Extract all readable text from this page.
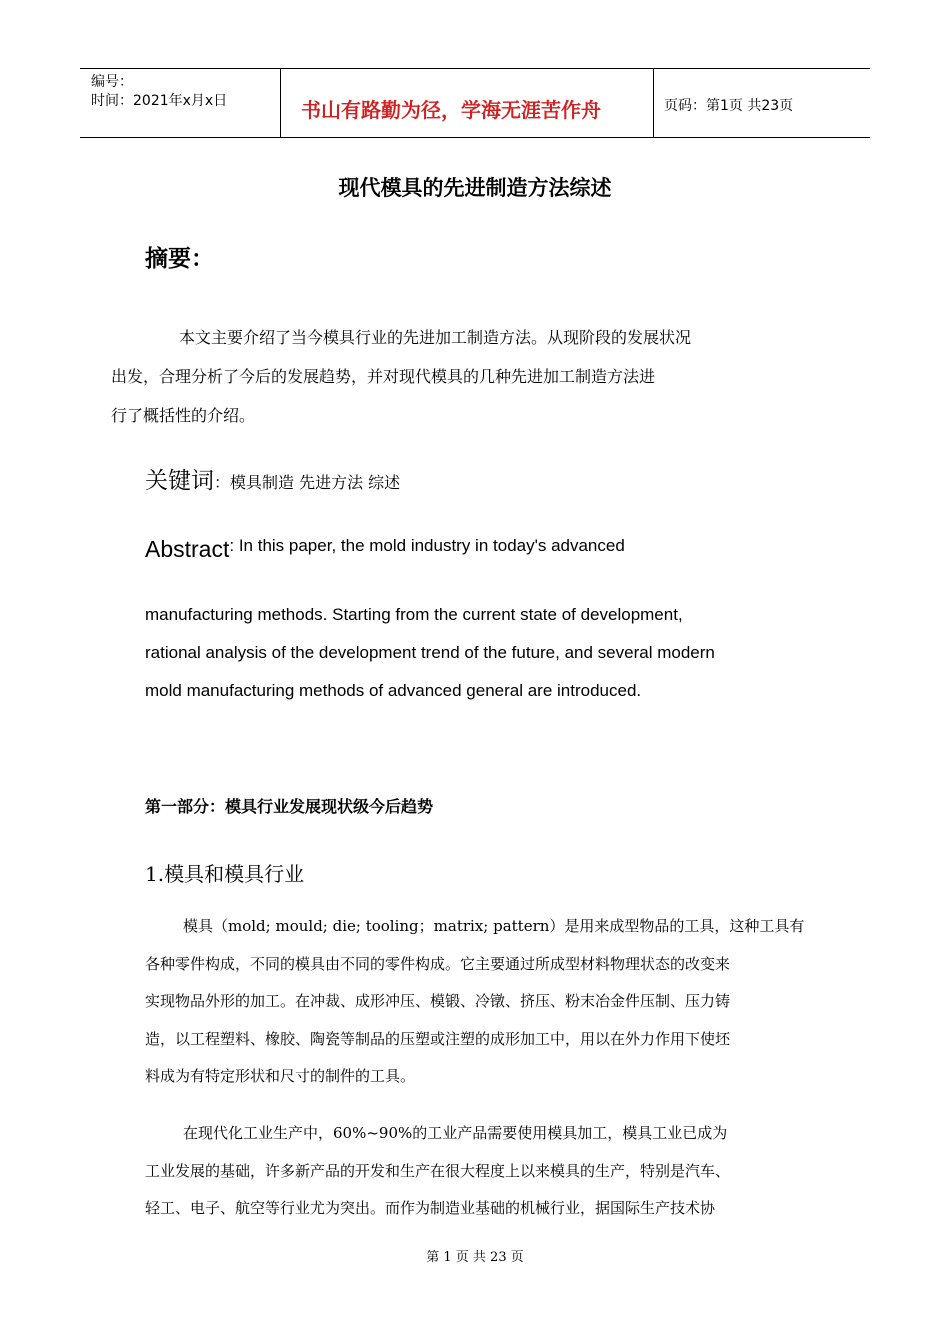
编号：
时间：2021年x月x日	书山有路勤为径，学海无涯苦作舟	页码：第1页 共23页
现代模具的先进制造方法综述
摘要：
本文主要介绍了当今模具行业的先进加工制造方法。从现阶段的发展状况
出发，合理分析了今后的发展趋势，并对现代模具的几种先进加工制造方法进
行了概括性的介绍。
关键词：模具制造 先进方法 综述
Abstract: In this paper, the mold industry in today's advanced
manufacturing methods. Starting from the current state of development,
rational analysis of the development trend of the future, and several modern
mold manufacturing methods of advanced general are introduced.
第一部分：模具行业发展现状级今后趋势
1.模具和模具行业
模具（mold; mould; die; tooling；matrix; pattern）是用来成型物品的工具，这种工具有
各种零件构成，不同的模具由不同的零件构成。它主要通过所成型材料物理状态的改变来
实现物品外形的加工。在冲裁、成形冲压、模锻、冷镦、挤压、粉末冶金件压制、压力铸
造，以工程塑料、橡胶、陶瓷等制品的压塑或注塑的成形加工中，用以在外力作用下使坯
料成为有特定形状和尺寸的制件的工具。
在现代化工业生产中，60%~90%的工业产品需要使用模具加工，模具工业已成为
工业发展的基础，许多新产品的开发和生产在很大程度上以来模具的生产，特别是汽车、
轻工、电子、航空等行业尤为突出。而作为制造业基础的机械行业，据国际生产技术协
第 1 页 共 23 页
